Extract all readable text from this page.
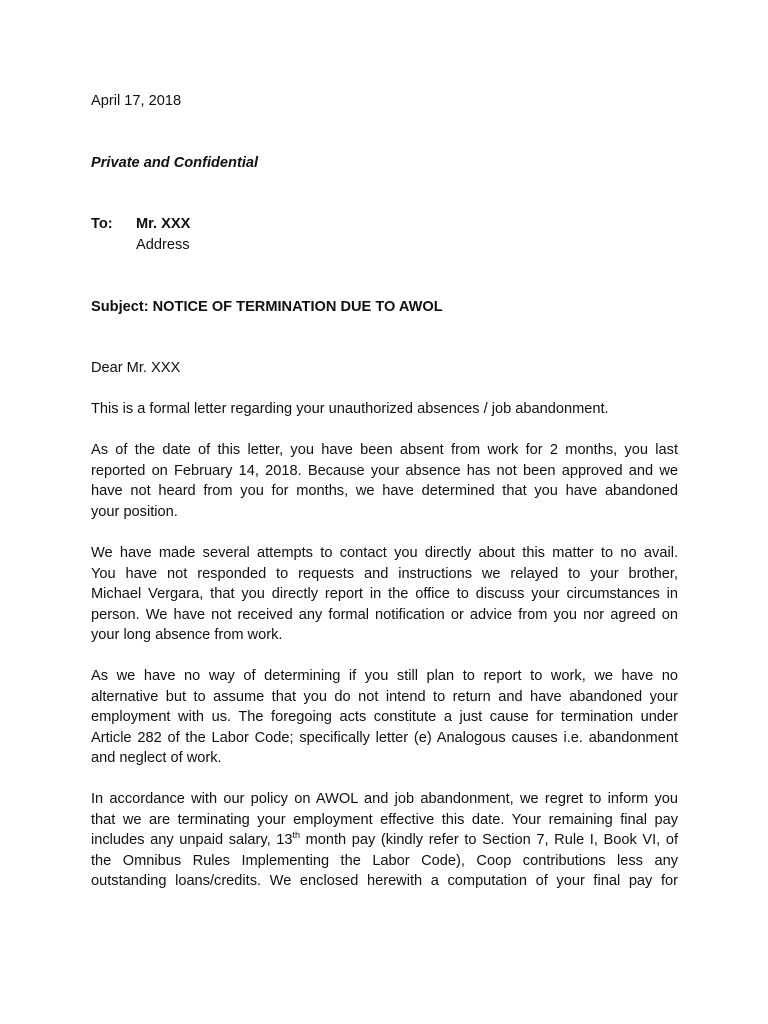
April 17, 2018
Private and Confidential
To: Mr. XXX
Address
Subject: NOTICE OF TERMINATION DUE TO AWOL
Dear Mr. XXX
This is a formal letter regarding your unauthorized absences / job abandonment.
As of the date of this letter, you have been absent from work for 2 months, you last
reported on February 14, 2018. Because your absence has not been approved and we
have not heard from you for months, we have determined that you have abandoned
your position.
We have made several attempts to contact you directly about this matter to no avail.
You have not responded to requests and instructions we relayed to your brother,
Michael Vergara, that you directly report in the office to discuss your circumstances in
person. We have not received any formal notification or advice from you nor agreed on
your long absence from work.
As we have no way of determining if you still plan to report to work, we have no
alternative but to assume that you do not intend to return and have abandoned your
employment with us. The foregoing acts constitute a just cause for termination under
Article 282 of the Labor Code; specifically letter (e) Analogous causes i.e. abandonment
and neglect of work.
In accordance with our policy on AWOL and job abandonment, we regret to inform you
that we are terminating your employment effective this date. Your remaining final pay
includes any unpaid salary, 13th month pay (kindly refer to Section 7, Rule I, Book VI, of
the Omnibus Rules Implementing the Labor Code), Coop contributions less any
outstanding loans/credits. We enclosed herewith a computation of your final pay for
